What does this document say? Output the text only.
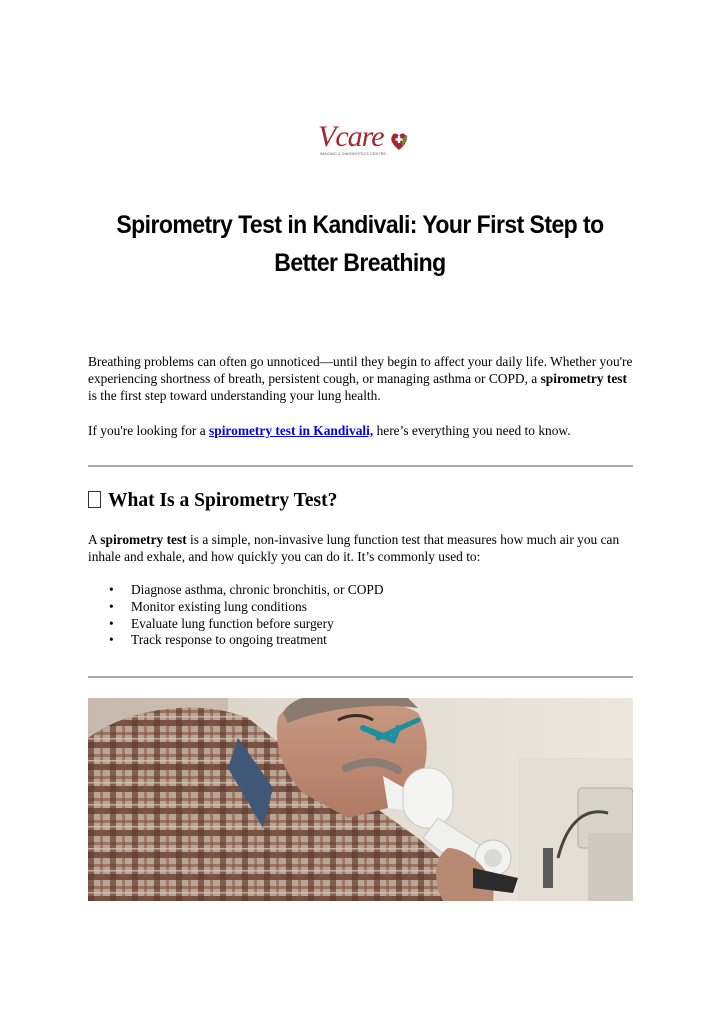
Vcare
IMAGING & DIAGNOSTICS CENTRE
Spirometry Test in Kandivali: Your First Step to
Better Breathing

Breathing problems can often go unnoticed—until they begin to affect your daily life. Whether you're experiencing shortness of breath, persistent cough, or managing asthma or COPD, a spirometry test is the first step toward understanding your lung health.

If you're looking for a spirometry test in Kandivali, here’s everything you need to know.

What Is a Spirometry Test?

A spirometry test is a simple, non-invasive lung function test that measures how much air you can inhale and exhale, and how quickly you can do it. It’s commonly used to:

• Diagnose asthma, chronic bronchitis, or COPD
• Monitor existing lung conditions
• Evaluate lung function before surgery
• Track response to ongoing treatment
